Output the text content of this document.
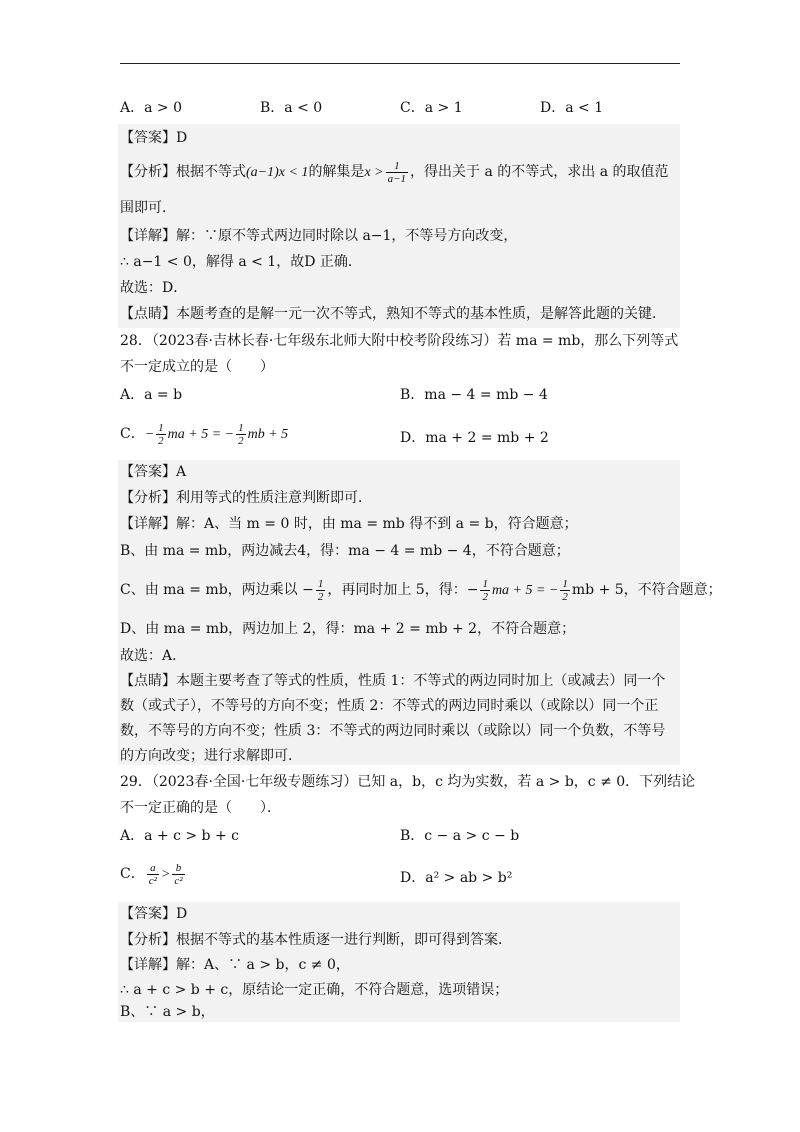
A．a > 0	B．a < 0	C．a > 1	D．a < 1
【答案】D
【分析】根据不等式(a−1)x < 1的解集是$x > \frac{1}{a-1}$ ，得出关于 a 的不等式，求出 a 的取值范
围即可．
【详解】解：∵原不等式两边同时除以 a−1，不等号方向改变，
∴ a−1 < 0，解得 a < 1，故D 正确．
故选：D．
【点睛】本题考查的是解一元一次不等式，熟知不等式的基本性质，是解答此题的关键．
28．（2023春·吉林长春·七年级东北师大附中校考阶段练习）若 ma = mb，那么下列等式
不一定成立的是（　　）
A．a = b	B．ma − 4 = mb − 4
C．− $\frac{1}{2}$ ma + 5 = − $\frac{1}{2}$ mb + 5	D．ma + 2 = mb + 2
【答案】A
【分析】利用等式的性质注意判断即可．
【详解】解：A、当 m = 0 时，由 ma = mb 得不到 a = b，符合题意；
B、由 ma = mb，两边减去4，得：ma − 4 = mb − 4，不符合题意；
C、由 ma = mb，两边乘以 − $\frac{1}{2}$ ，再同时加上 5，得：− $\frac{1}{2}$ ma + 5 = − $\frac{1}{2}$ mb + 5，不符合题意；
D、由 ma = mb，两边加上 2，得：ma + 2 = mb + 2，不符合题意；
故选：A．
【点睛】本题主要考查了等式的性质，性质 1：不等式的两边同时加上（或减去）同一个
数（或式子），不等号的方向不变；性质 2：不等式的两边同时乘以（或除以）同一个正
数，不等号的方向不变；性质 3：不等式的两边同时乘以（或除以）同一个负数，不等号
的方向改变；进行求解即可．
29．（2023春·全国·七年级专题练习）已知 a，b，c 均为实数，若 a > b，c ≠ 0．下列结论
不一定正确的是（　　）．
A．a + c > b + c	B．c − a > c − b
C． $\frac{a}{\text{c²}} > \frac{b}{\text{c²}}$	D．a² > ab > b²
【答案】D
【分析】根据不等式的基本性质逐一进行判断，即可得到答案．
【详解】解：A、∵ a > b，c ≠ 0，
∴ a + c > b + c，原结论一定正确，不符合题意，选项错误；
B、∵ a > b，
